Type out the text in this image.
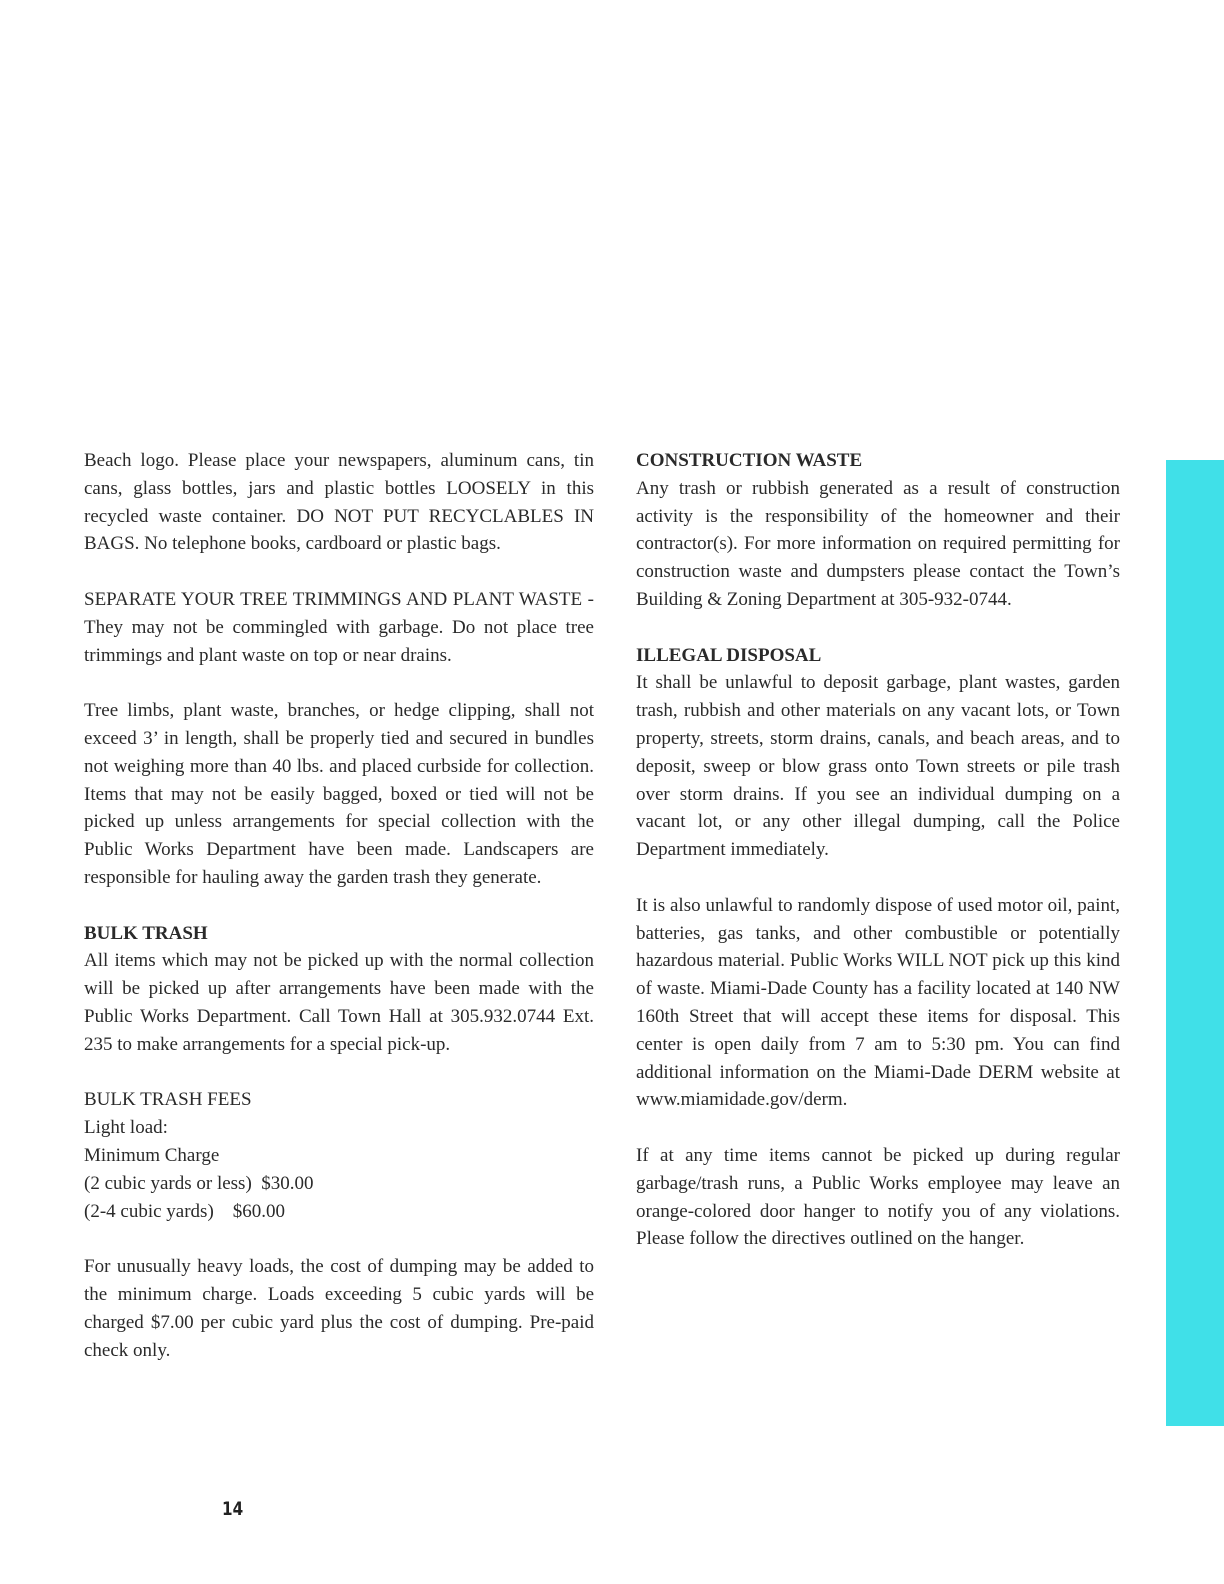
Beach logo. Please place your newspapers, aluminum cans, tin cans, glass bottles, jars and plastic bottles LOOSELY in this recycled waste container. DO NOT PUT RECYCLABLES IN BAGS. No telephone books, cardboard or plastic bags.

SEPARATE YOUR TREE TRIMMINGS AND PLANT WASTE - They may not be commingled with garbage. Do not place tree trimmings and plant waste on top or near drains.

Tree limbs, plant waste, branches, or hedge clipping, shall not exceed 3’ in length, shall be properly tied and secured in bundles not weighing more than 40 lbs. and placed curbside for collection. Items that may not be easily bagged, boxed or tied will not be picked up unless arrangements for special collection with the Public Works Department have been made. Landscapers are responsible for hauling away the garden trash they generate.

BULK TRASH

All items which may not be picked up with the normal collection will be picked up after arrangements have been made with the Public Works Department. Call Town Hall at 305.932.0744 Ext. 235 to make arrangements for a special pick-up.

BULK TRASH FEES
Light load:
Minimum Charge
(2 cubic yards or less)  $30.00
(2-4 cubic yards)    $60.00

For unusually heavy loads, the cost of dumping may be added to the minimum charge. Loads exceeding 5 cubic yards will be charged $7.00 per cubic yard plus the cost of dumping. Pre-paid check only.

CONSTRUCTION WASTE

Any trash or rubbish generated as a result of construction activity is the responsibility of the homeowner and their contractor(s). For more information on required permitting for construction waste and dumpsters please contact the Town’s Building & Zoning Department at 305-932-0744.

ILLEGAL DISPOSAL

It shall be unlawful to deposit garbage, plant wastes, garden trash, rubbish and other materials on any vacant lots, or Town property, streets, storm drains, canals, and beach areas, and to deposit, sweep or blow grass onto Town streets or pile trash over storm drains. If you see an individual dumping on a vacant lot, or any other illegal dumping, call the Police Department immediately.

It is also unlawful to randomly dispose of used motor oil, paint, batteries, gas tanks, and other combustible or potentially hazardous material. Public Works WILL NOT pick up this kind of waste. Miami-Dade County has a facility located at 140 NW 160th Street that will accept these items for disposal. This center is open daily from 7 am to 5:30 pm. You can find additional information on the Miami-Dade DERM website at www.miamidade.gov/derm.

If at any time items cannot be picked up during regular garbage/trash runs, a Public Works employee may leave an orange-colored door hanger to notify you of any violations. Please follow the directives outlined on the hanger.

14
